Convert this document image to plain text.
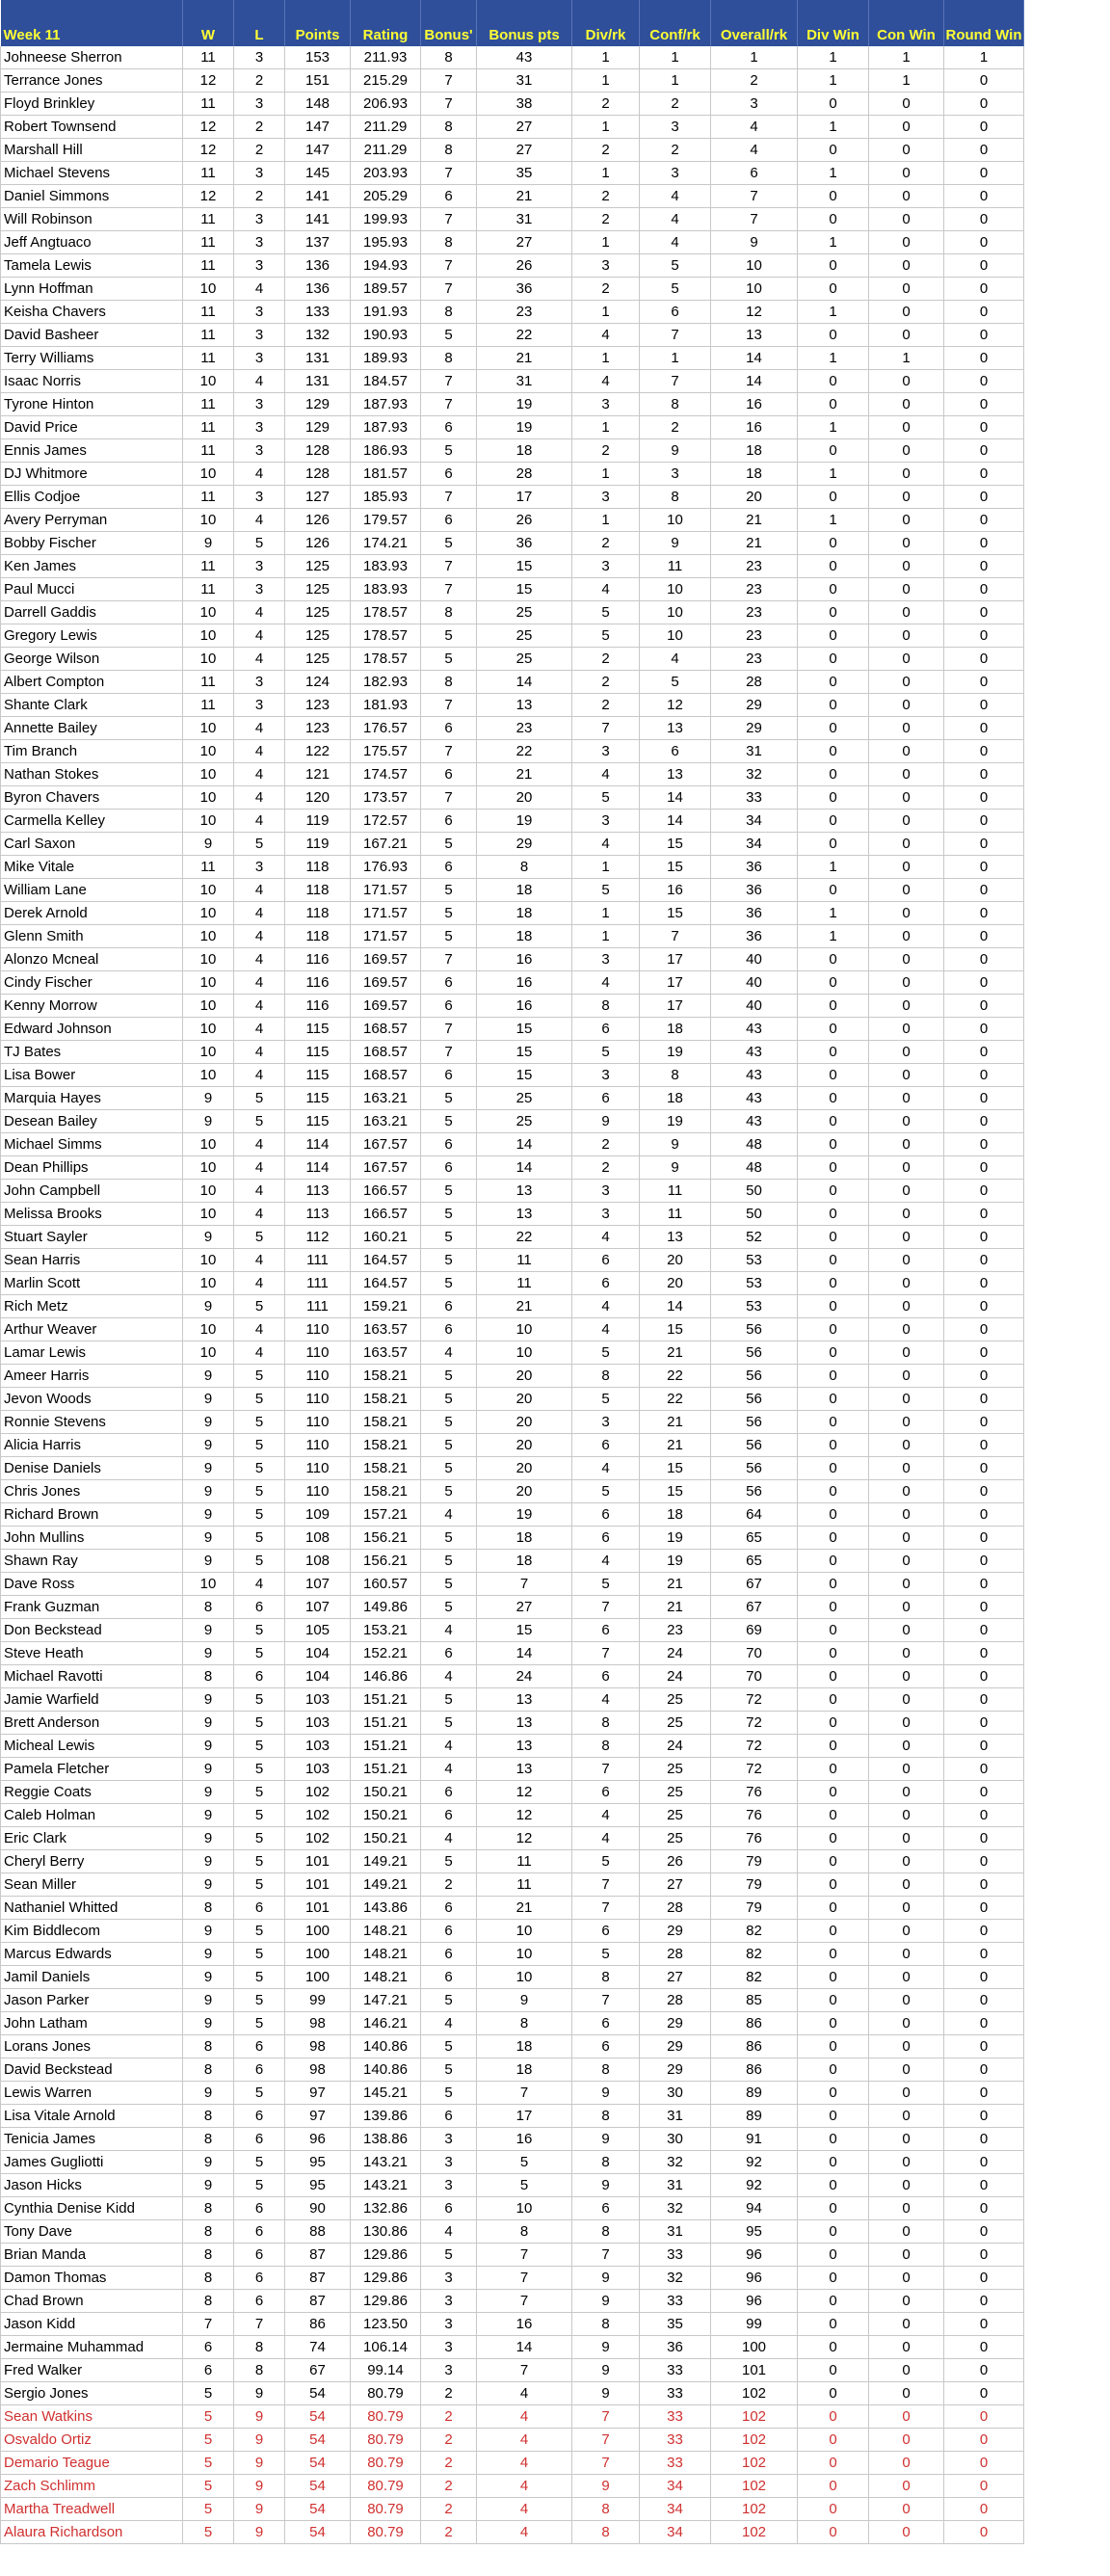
Week 11	W	L	Points	Rating	Bonus'	Bonus pts	Div/rk	Conf/rk	Overall/rk	Div Win	Con Win	Round Win
Johneese Sherron	11	3	153	211.93	8	43	1	1	1	1	1	1
Terrance Jones	12	2	151	215.29	7	31	1	1	2	1	1	0
Floyd Brinkley	11	3	148	206.93	7	38	2	2	3	0	0	0
Robert Townsend	12	2	147	211.29	8	27	1	3	4	1	0	0
Marshall Hill	12	2	147	211.29	8	27	2	2	4	0	0	0
Michael Stevens	11	3	145	203.93	7	35	1	3	6	1	0	0
Daniel Simmons	12	2	141	205.29	6	21	2	4	7	0	0	0
Will Robinson	11	3	141	199.93	7	31	2	4	7	0	0	0
Jeff Angtuaco	11	3	137	195.93	8	27	1	4	9	1	0	0
Tamela Lewis	11	3	136	194.93	7	26	3	5	10	0	0	0
Lynn Hoffman	10	4	136	189.57	7	36	2	5	10	0	0	0
Keisha Chavers	11	3	133	191.93	8	23	1	6	12	1	0	0
David Basheer	11	3	132	190.93	5	22	4	7	13	0	0	0
Terry Williams	11	3	131	189.93	8	21	1	1	14	1	1	0
Isaac Norris	10	4	131	184.57	7	31	4	7	14	0	0	0
Tyrone Hinton	11	3	129	187.93	7	19	3	8	16	0	0	0
David Price	11	3	129	187.93	6	19	1	2	16	1	0	0
Ennis James	11	3	128	186.93	5	18	2	9	18	0	0	0
DJ Whitmore	10	4	128	181.57	6	28	1	3	18	1	0	0
Ellis Codjoe	11	3	127	185.93	7	17	3	8	20	0	0	0
Avery Perryman	10	4	126	179.57	6	26	1	10	21	1	0	0
Bobby Fischer	9	5	126	174.21	5	36	2	9	21	0	0	0
Ken James	11	3	125	183.93	7	15	3	11	23	0	0	0
Paul Mucci	11	3	125	183.93	7	15	4	10	23	0	0	0
Darrell Gaddis	10	4	125	178.57	8	25	5	10	23	0	0	0
Gregory Lewis	10	4	125	178.57	5	25	5	10	23	0	0	0
George Wilson	10	4	125	178.57	5	25	2	4	23	0	0	0
Albert Compton	11	3	124	182.93	8	14	2	5	28	0	0	0
Shante Clark	11	3	123	181.93	7	13	2	12	29	0	0	0
Annette Bailey	10	4	123	176.57	6	23	7	13	29	0	0	0
Tim Branch	10	4	122	175.57	7	22	3	6	31	0	0	0
Nathan Stokes	10	4	121	174.57	6	21	4	13	32	0	0	0
Byron Chavers	10	4	120	173.57	7	20	5	14	33	0	0	0
Carmella Kelley	10	4	119	172.57	6	19	3	14	34	0	0	0
Carl Saxon	9	5	119	167.21	5	29	4	15	34	0	0	0
Mike Vitale	11	3	118	176.93	6	8	1	15	36	1	0	0
William Lane	10	4	118	171.57	5	18	5	16	36	0	0	0
Derek Arnold	10	4	118	171.57	5	18	1	15	36	1	0	0
Glenn Smith	10	4	118	171.57	5	18	1	7	36	1	0	0
Alonzo Mcneal	10	4	116	169.57	7	16	3	17	40	0	0	0
Cindy Fischer	10	4	116	169.57	6	16	4	17	40	0	0	0
Kenny Morrow	10	4	116	169.57	6	16	8	17	40	0	0	0
Edward Johnson	10	4	115	168.57	7	15	6	18	43	0	0	0
TJ Bates	10	4	115	168.57	7	15	5	19	43	0	0	0
Lisa Bower	10	4	115	168.57	6	15	3	8	43	0	0	0
Marquia Hayes	9	5	115	163.21	5	25	6	18	43	0	0	0
Desean Bailey	9	5	115	163.21	5	25	9	19	43	0	0	0
Michael Simms	10	4	114	167.57	6	14	2	9	48	0	0	0
Dean Phillips	10	4	114	167.57	6	14	2	9	48	0	0	0
John Campbell	10	4	113	166.57	5	13	3	11	50	0	0	0
Melissa Brooks	10	4	113	166.57	5	13	3	11	50	0	0	0
Stuart Sayler	9	5	112	160.21	5	22	4	13	52	0	0	0
Sean Harris	10	4	111	164.57	5	11	6	20	53	0	0	0
Marlin Scott	10	4	111	164.57	5	11	6	20	53	0	0	0
Rich Metz	9	5	111	159.21	6	21	4	14	53	0	0	0
Arthur Weaver	10	4	110	163.57	6	10	4	15	56	0	0	0
Lamar Lewis	10	4	110	163.57	4	10	5	21	56	0	0	0
Ameer Harris	9	5	110	158.21	5	20	8	22	56	0	0	0
Jevon Woods	9	5	110	158.21	5	20	5	22	56	0	0	0
Ronnie Stevens	9	5	110	158.21	5	20	3	21	56	0	0	0
Alicia Harris	9	5	110	158.21	5	20	6	21	56	0	0	0
Denise Daniels	9	5	110	158.21	5	20	4	15	56	0	0	0
Chris Jones	9	5	110	158.21	5	20	5	15	56	0	0	0
Richard Brown	9	5	109	157.21	4	19	6	18	64	0	0	0
John Mullins	9	5	108	156.21	5	18	6	19	65	0	0	0
Shawn Ray	9	5	108	156.21	5	18	4	19	65	0	0	0
Dave Ross	10	4	107	160.57	5	7	5	21	67	0	0	0
Frank Guzman	8	6	107	149.86	5	27	7	21	67	0	0	0
Don Beckstead	9	5	105	153.21	4	15	6	23	69	0	0	0
Steve Heath	9	5	104	152.21	6	14	7	24	70	0	0	0
Michael Ravotti	8	6	104	146.86	4	24	6	24	70	0	0	0
Jamie Warfield	9	5	103	151.21	5	13	4	25	72	0	0	0
Brett Anderson	9	5	103	151.21	5	13	8	25	72	0	0	0
Micheal Lewis	9	5	103	151.21	4	13	8	24	72	0	0	0
Pamela Fletcher	9	5	103	151.21	4	13	7	25	72	0	0	0
Reggie Coats	9	5	102	150.21	6	12	6	25	76	0	0	0
Caleb Holman	9	5	102	150.21	6	12	4	25	76	0	0	0
Eric Clark	9	5	102	150.21	4	12	4	25	76	0	0	0
Cheryl Berry	9	5	101	149.21	5	11	5	26	79	0	0	0
Sean Miller	9	5	101	149.21	2	11	7	27	79	0	0	0
Nathaniel Whitted	8	6	101	143.86	6	21	7	28	79	0	0	0
Kim Biddlecom	9	5	100	148.21	6	10	6	29	82	0	0	0
Marcus Edwards	9	5	100	148.21	6	10	5	28	82	0	0	0
Jamil Daniels	9	5	100	148.21	6	10	8	27	82	0	0	0
Jason Parker	9	5	99	147.21	5	9	7	28	85	0	0	0
John Latham	9	5	98	146.21	4	8	6	29	86	0	0	0
Lorans Jones	8	6	98	140.86	5	18	6	29	86	0	0	0
David Beckstead	8	6	98	140.86	5	18	8	29	86	0	0	0
Lewis Warren	9	5	97	145.21	5	7	9	30	89	0	0	0
Lisa Vitale Arnold	8	6	97	139.86	6	17	8	31	89	0	0	0
Tenicia James	8	6	96	138.86	3	16	9	30	91	0	0	0
James Gugliotti	9	5	95	143.21	3	5	8	32	92	0	0	0
Jason Hicks	9	5	95	143.21	3	5	9	31	92	0	0	0
Cynthia Denise Kidd	8	6	90	132.86	6	10	6	32	94	0	0	0
Tony Dave	8	6	88	130.86	4	8	8	31	95	0	0	0
Brian Manda	8	6	87	129.86	5	7	7	33	96	0	0	0
Damon Thomas	8	6	87	129.86	3	7	9	32	96	0	0	0
Chad Brown	8	6	87	129.86	3	7	9	33	96	0	0	0
Jason Kidd	7	7	86	123.50	3	16	8	35	99	0	0	0
Jermaine Muhammad	6	8	74	106.14	3	14	9	36	100	0	0	0
Fred Walker	6	8	67	99.14	3	7	9	33	101	0	0	0
Sergio Jones	5	9	54	80.79	2	4	9	33	102	0	0	0
Sean Watkins	5	9	54	80.79	2	4	7	33	102	0	0	0
Osvaldo Ortiz	5	9	54	80.79	2	4	7	33	102	0	0	0
Demario Teague	5	9	54	80.79	2	4	7	33	102	0	0	0
Zach Schlimm	5	9	54	80.79	2	4	9	34	102	0	0	0
Martha Treadwell	5	9	54	80.79	2	4	8	34	102	0	0	0
Alaura Richardson	5	9	54	80.79	2	4	8	34	102	0	0	0
